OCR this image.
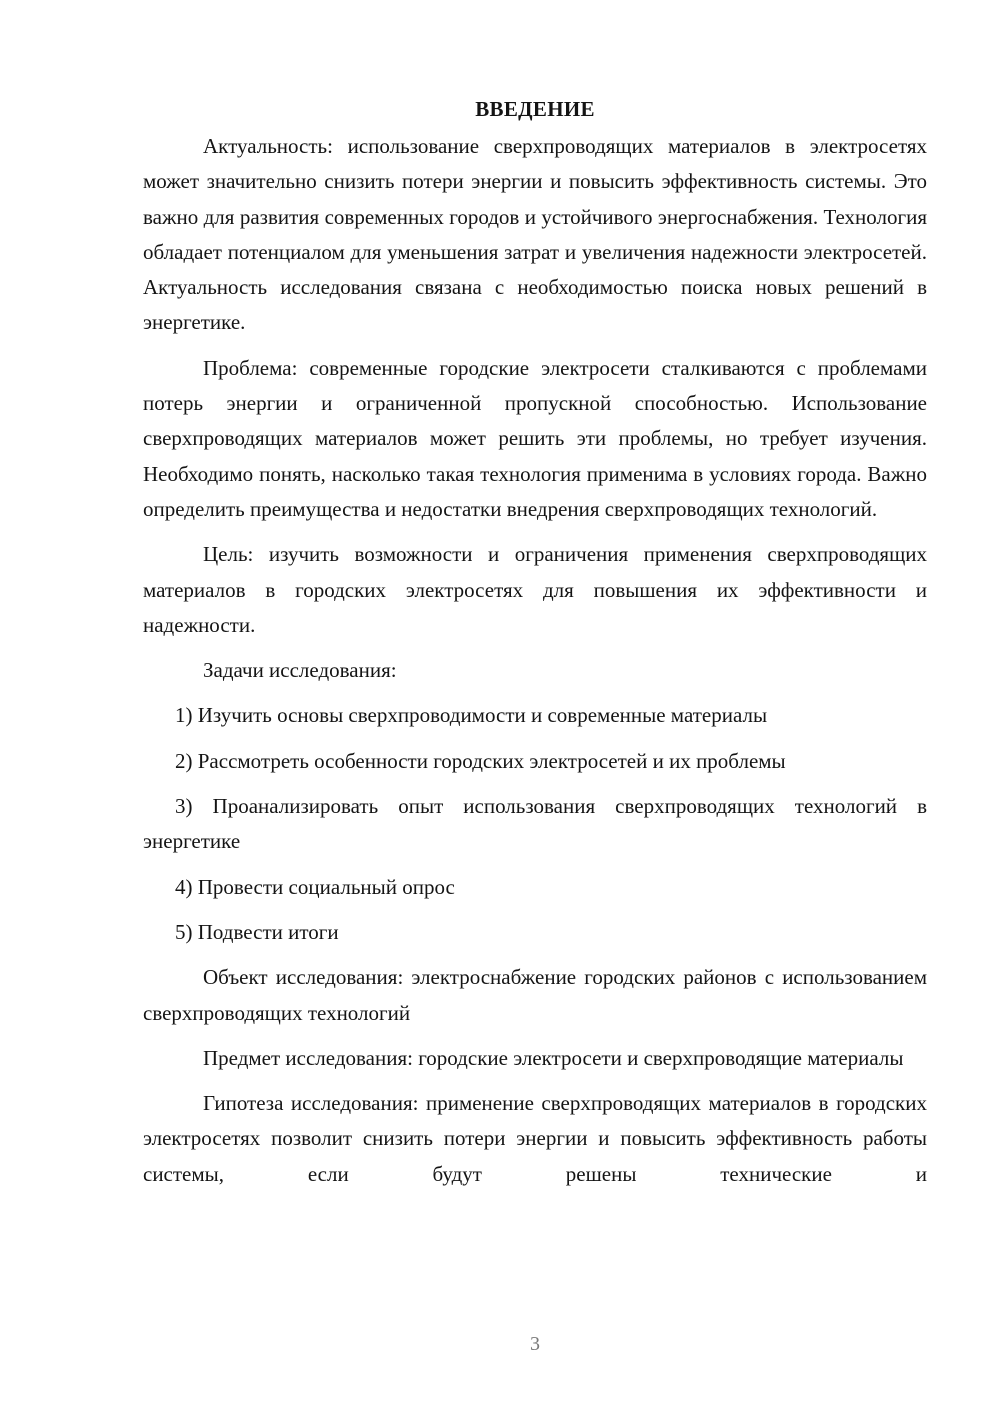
ВВЕДЕНИЕ

Актуальность: использование сверхпроводящих материалов в электросетях может значительно снизить потери энергии и повысить эффективность системы. Это важно для развития современных городов и устойчивого энергоснабжения. Технология обладает потенциалом для уменьшения затрат и увеличения надежности электросетей. Актуальность исследования связана с необходимостью поиска новых решений в энергетике.

Проблема: современные городские электросети сталкиваются с проблемами потерь энергии и ограниченной пропускной способностью. Использование сверхпроводящих материалов может решить эти проблемы, но требует изучения. Необходимо понять, насколько такая технология применима в условиях города. Важно определить преимущества и недостатки внедрения сверхпроводящих технологий.

Цель: изучить возможности и ограничения применения сверхпроводящих материалов в городских электросетях для повышения их эффективности и надежности.

Задачи исследования:

1) Изучить основы сверхпроводимости и современные материалы

2) Рассмотреть особенности городских электросетей и их проблемы

3) Проанализировать опыт использования сверхпроводящих технологий в энергетике

4) Провести социальный опрос

5) Подвести итоги

Объект исследования: электроснабжение городских районов с использованием сверхпроводящих технологий

Предмет исследования: городские электросети и сверхпроводящие материалы

Гипотеза исследования: применение сверхпроводящих материалов в городских электросетях позволит снизить потери энергии и повысить эффективность работы системы, если будут решены технические и

3
